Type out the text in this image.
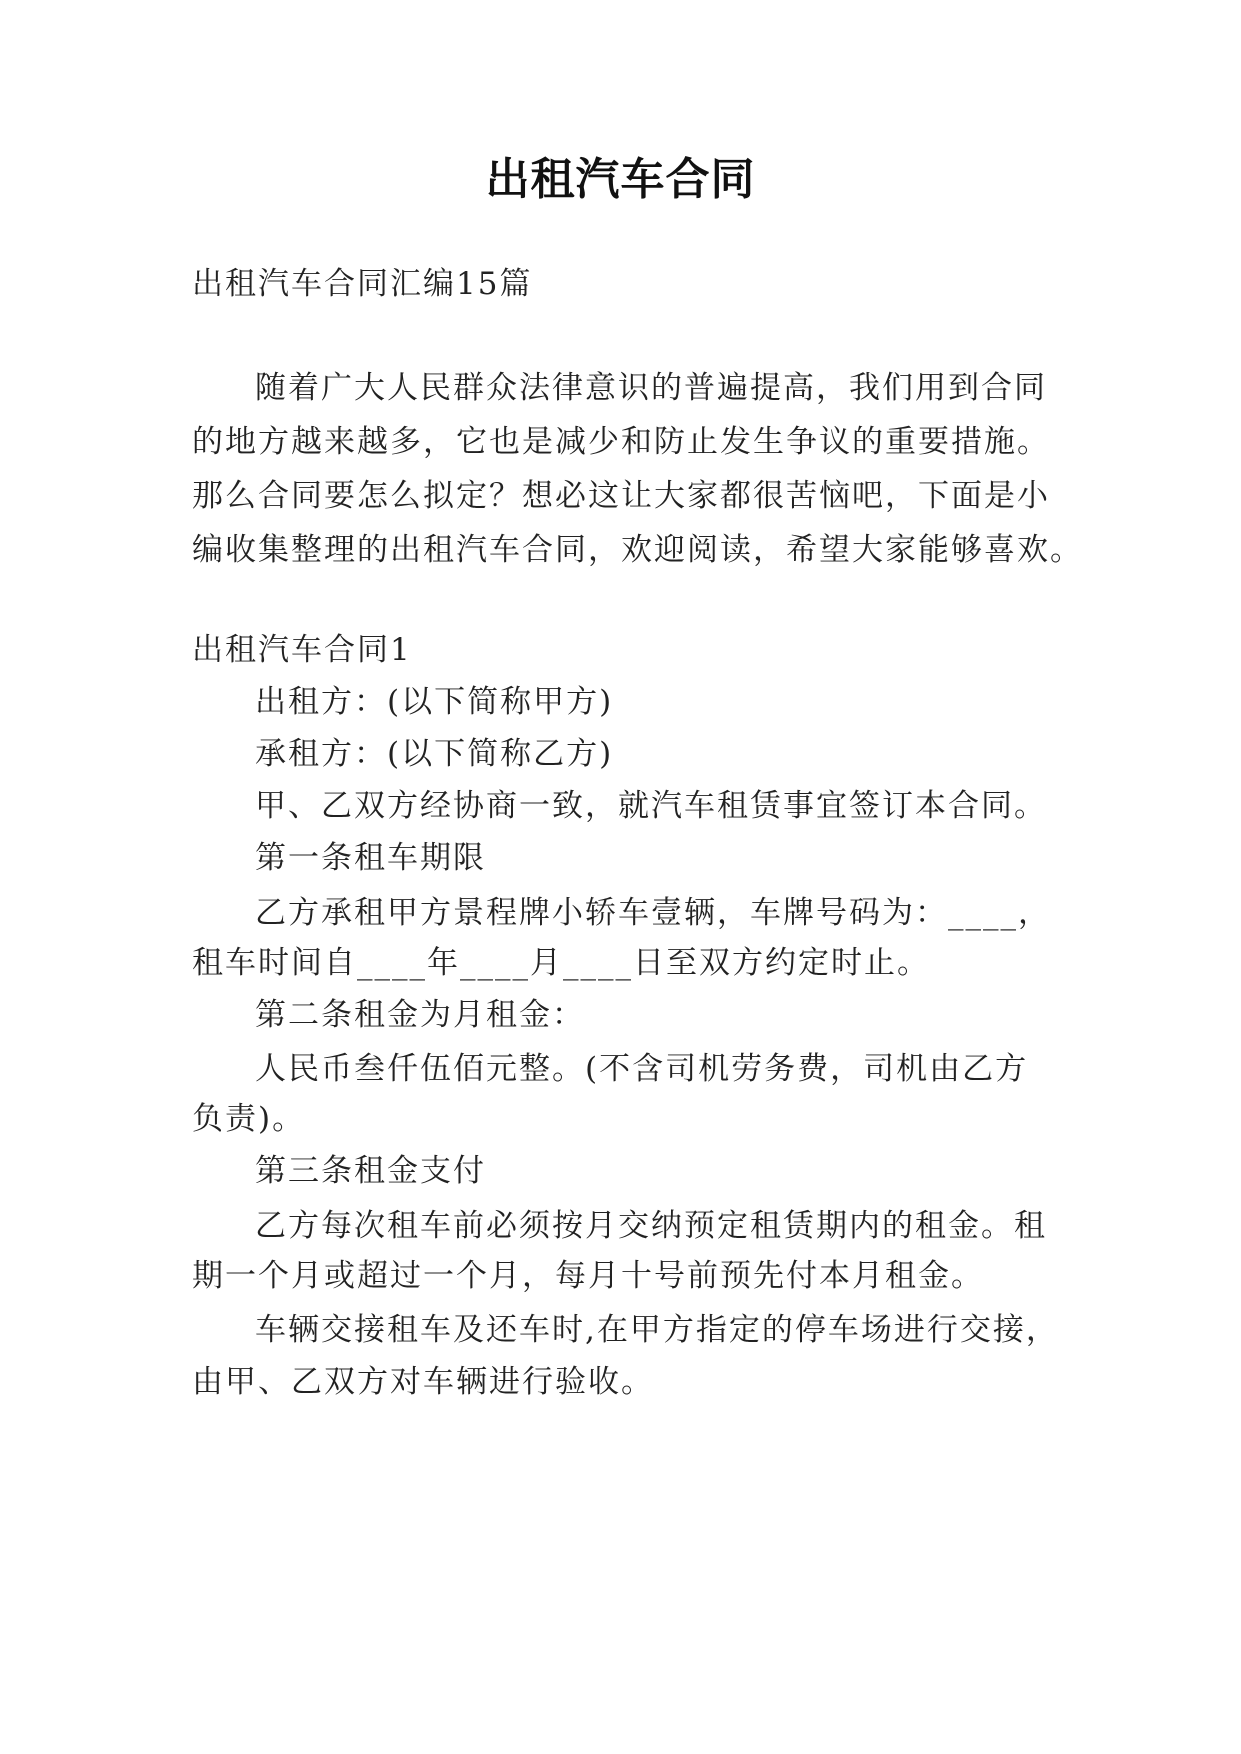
出租汽车合同
出租汽车合同汇编15篇
随着广大人民群众法律意识的普遍提高，我们用到合同
的地方越来越多，它也是减少和防止发生争议的重要措施。
那么合同要怎么拟定？想必这让大家都很苦恼吧，下面是小
编收集整理的出租汽车合同，欢迎阅读，希望大家能够喜欢。
出租汽车合同1
出租方：(以下简称甲方)
承租方：(以下简称乙方)
甲、乙双方经协商一致，就汽车租赁事宜签订本合同。
第一条租车期限
乙方承租甲方景程牌小轿车壹辆，车牌号码为：____，
租车时间自____年____月____日至双方约定时止。
第二条租金为月租金：
人民币叁仟伍佰元整。(不含司机劳务费，司机由乙方
负责)。
第三条租金支付
乙方每次租车前必须按月交纳预定租赁期内的租金。租
期一个月或超过一个月，每月十号前预先付本月租金。
车辆交接租车及还车时,在甲方指定的停车场进行交接，
由甲、乙双方对车辆进行验收。
